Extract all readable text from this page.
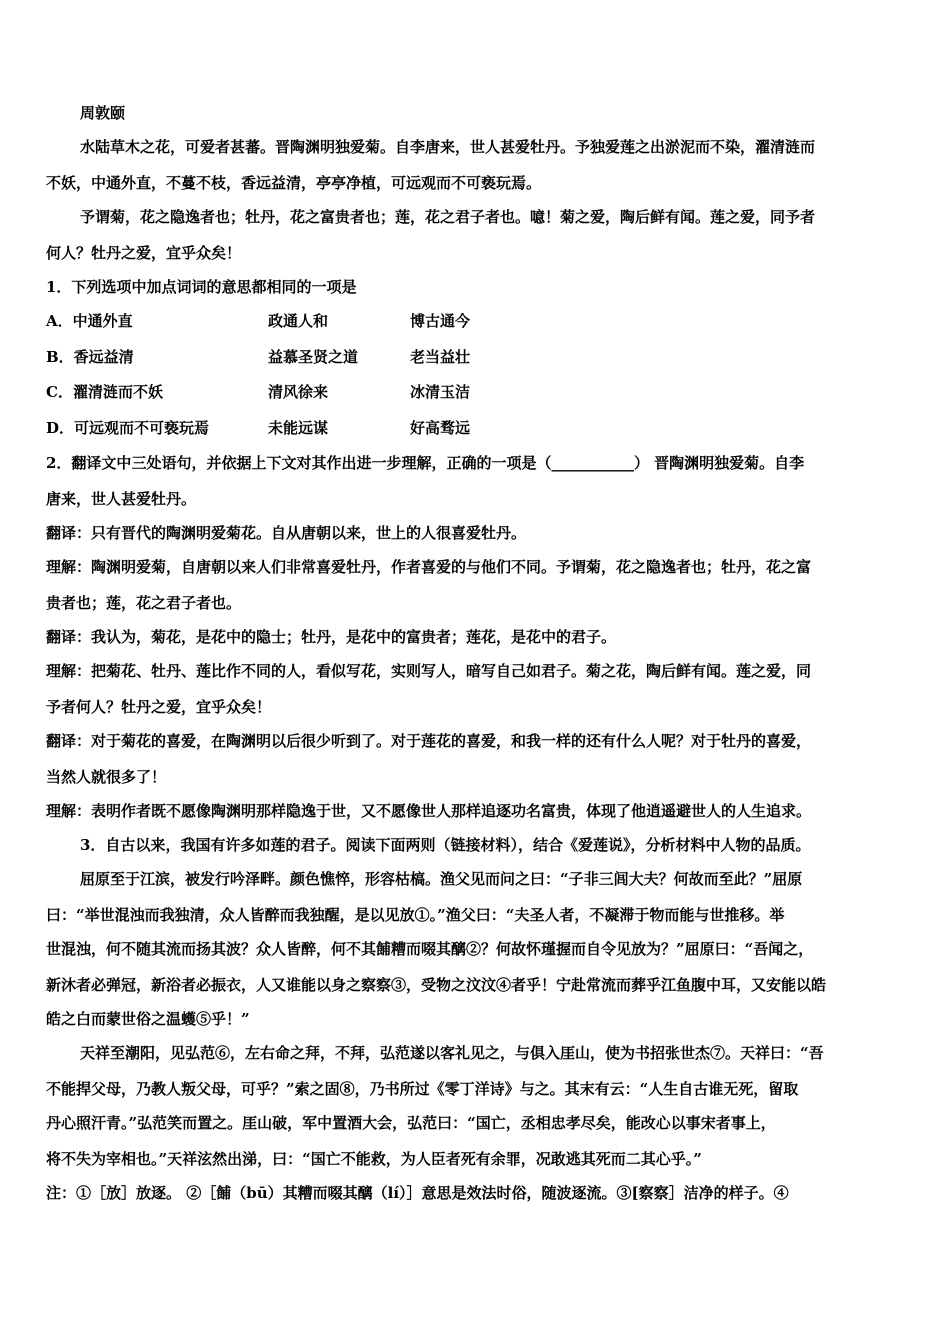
周敦颐
水陆草木之花，可爱者甚蕃。晋陶渊明独爱菊。自李唐来，世人甚爱牡丹。予独爱莲之出淤泥而不染，濯清涟而
不妖，中通外直，不蔓不枝，香远益清，亭亭净植，可远观而不可亵玩焉。
予谓菊，花之隐逸者也；牡丹，花之富贵者也；莲，花之君子者也。噫！菊之爱，陶后鲜有闻。莲之爱，同予者
何人？牡丹之爱，宜乎众矣！
1．下列选项中加点词词的意思都相同的一项是
A．中通外直	政通人和	博古通今
B．香远益清	益慕圣贤之道	老当益壮
C．濯清涟而不妖	清风徐来	冰清玉洁
D．可远观而不可亵玩焉	未能远谋	好高骛远
2．翻译文中三处语句，并依据上下文对其作出进一步理解，正确的一项是（___________） 晋陶渊明独爱菊。自李
唐来，世人甚爱牡丹。
翻译：只有晋代的陶渊明爱菊花。自从唐朝以来，世上的人很喜爱牡丹。
理解：陶渊明爱菊，自唐朝以来人们非常喜爱牡丹，作者喜爱的与他们不同。予谓菊，花之隐逸者也；牡丹，花之富
贵者也；莲，花之君子者也。
翻译：我认为，菊花，是花中的隐士；牡丹，是花中的富贵者；莲花，是花中的君子。
理解：把菊花、牡丹、莲比作不同的人，看似写花，实则写人，暗写自己如君子。菊之花，陶后鲜有闻。莲之爱，同
予者何人？牡丹之爱，宜乎众矣！
翻译：对于菊花的喜爱，在陶渊明以后很少听到了。对于莲花的喜爱，和我一样的还有什么人呢？对于牡丹的喜爱，
当然人就很多了！
理解：表明作者既不愿像陶渊明那样隐逸于世，又不愿像世人那样追逐功名富贵，体现了他逍遥避世人的人生追求。
3．自古以来，我国有许多如莲的君子。阅读下面两则（链接材料），结合《爱莲说》，分析材料中人物的品质。
屈原至于江滨，被发行吟泽畔。颜色憔悴，形容枯槁。渔父见而问之曰：“子非三闾大夫？何故而至此？”屈原
曰：“举世混浊而我独清，众人皆醉而我独醒，是以见放①。”渔父曰：“夫圣人者，不凝滞于物而能与世推移。举
世混浊，何不随其流而扬其波？众人皆醉，何不其餔糟而啜其醨②？何故怀瑾握而自令见放为？”屈原曰：“吾闻之，
新沐者必弹冠，新浴者必振衣，人又谁能以身之察察③，受物之汶汶④者乎！宁赴常流而葬乎江鱼腹中耳，又安能以皓
皓之白而蒙世俗之温蠖⑤乎！”
天祥至潮阳，见弘范⑥，左右命之拜，不拜，弘范遂以客礼见之，与俱入厓山，使为书招张世杰⑦。天祥曰：“吾
不能捍父母，乃教人叛父母，可乎？”索之固⑧，乃书所过《零丁洋诗》与之。其末有云：“人生自古谁无死，留取
丹心照汗青。”弘范笑而置之。厓山破，军中置酒大会，弘范曰：“国亡，丞相忠孝尽矣，能改心以事宋者事上，
将不失为宰相也。”天祥泫然出涕，曰：“国亡不能救，为人臣者死有余罪，况敢逃其死而二其心乎。”
注：①［放］放逐。 ②［餔（bū）其糟而啜其醨（lí）］意思是效法时俗，随波逐流。③[察察］洁净的样子。④
